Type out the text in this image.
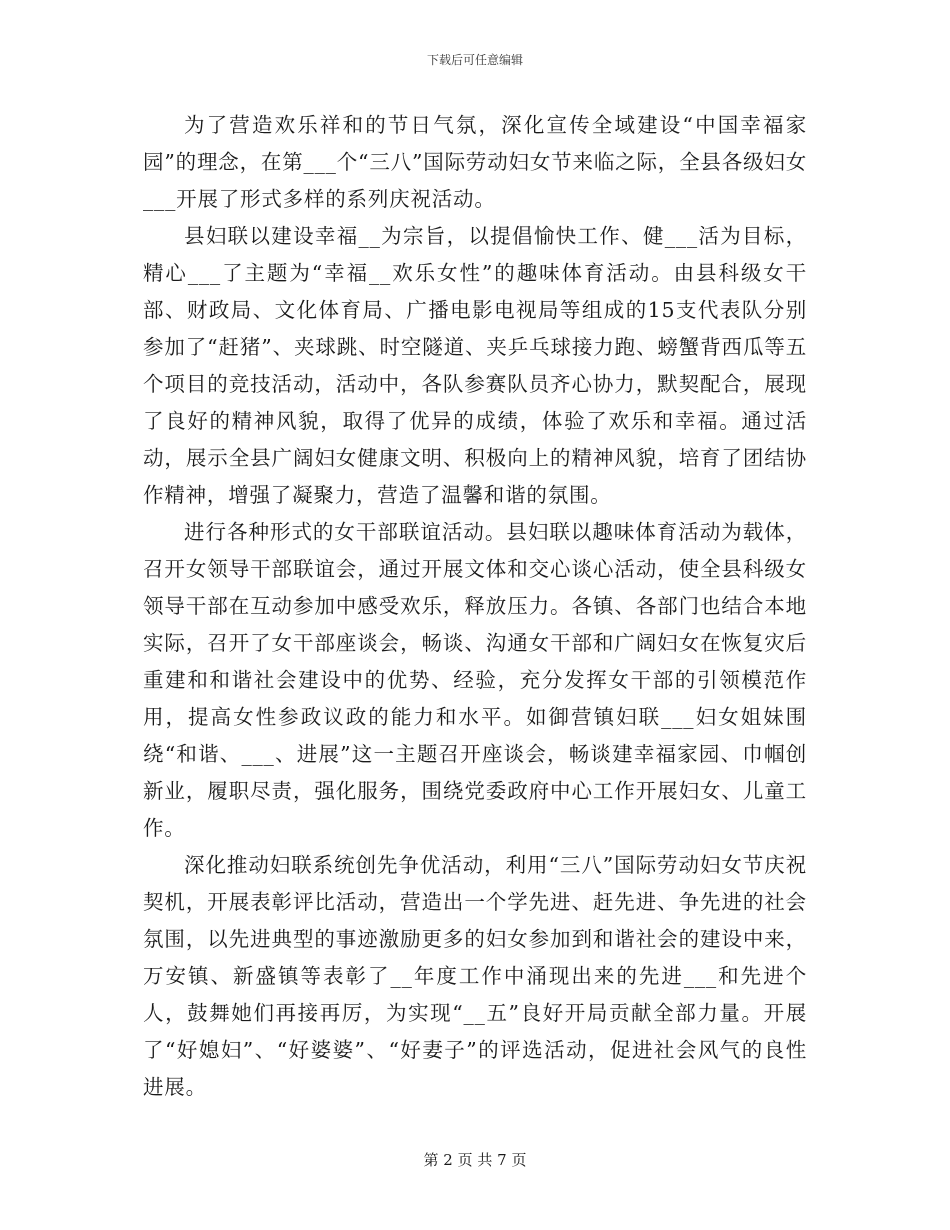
下载后可任意编辑

为了营造欢乐祥和的节日气氛，深化宣传全域建设“中国幸福家园”的理念，在第___个“三八”国际劳动妇女节来临之际，全县各级妇女___开展了形式多样的系列庆祝活动。

县妇联以建设幸福__为宗旨，以提倡愉快工作、健___活为目标，精心___了主题为“幸福__欢乐女性”的趣味体育活动。由县科级女干部、财政局、文化体育局、广播电影电视局等组成的15支代表队分别参加了“赶猪”、夹球跳、时空隧道、夹乒乓球接力跑、螃蟹背西瓜等五个项目的竞技活动，活动中，各队参赛队员齐心协力，默契配合，展现了良好的精神风貌，取得了优异的成绩，体验了欢乐和幸福。通过活动，展示全县广阔妇女健康文明、积极向上的精神风貌，培育了团结协作精神，增强了凝聚力，营造了温馨和谐的氛围。

进行各种形式的女干部联谊活动。县妇联以趣味体育活动为载体，召开女领导干部联谊会，通过开展文体和交心谈心活动，使全县科级女领导干部在互动参加中感受欢乐，释放压力。各镇、各部门也结合本地实际，召开了女干部座谈会，畅谈、沟通女干部和广阔妇女在恢复灾后重建和和谐社会建设中的优势、经验，充分发挥女干部的引领模范作用，提高女性参政议政的能力和水平。如御营镇妇联___妇女姐妹围绕“和谐、___、进展”这一主题召开座谈会，畅谈建幸福家园、巾帼创新业，履职尽责，强化服务，围绕党委政府中心工作开展妇女、儿童工作。

深化推动妇联系统创先争优活动，利用“三八”国际劳动妇女节庆祝契机，开展表彰评比活动，营造出一个学先进、赶先进、争先进的社会氛围，以先进典型的事迹激励更多的妇女参加到和谐社会的建设中来，万安镇、新盛镇等表彰了__年度工作中涌现出来的先进___和先进个人，鼓舞她们再接再厉，为实现“__五”良好开局贡献全部力量。开展了“好媳妇”、“好婆婆”、“好妻子”的评选活动，促进社会风气的良性进展。

第 2 页 共 7 页
